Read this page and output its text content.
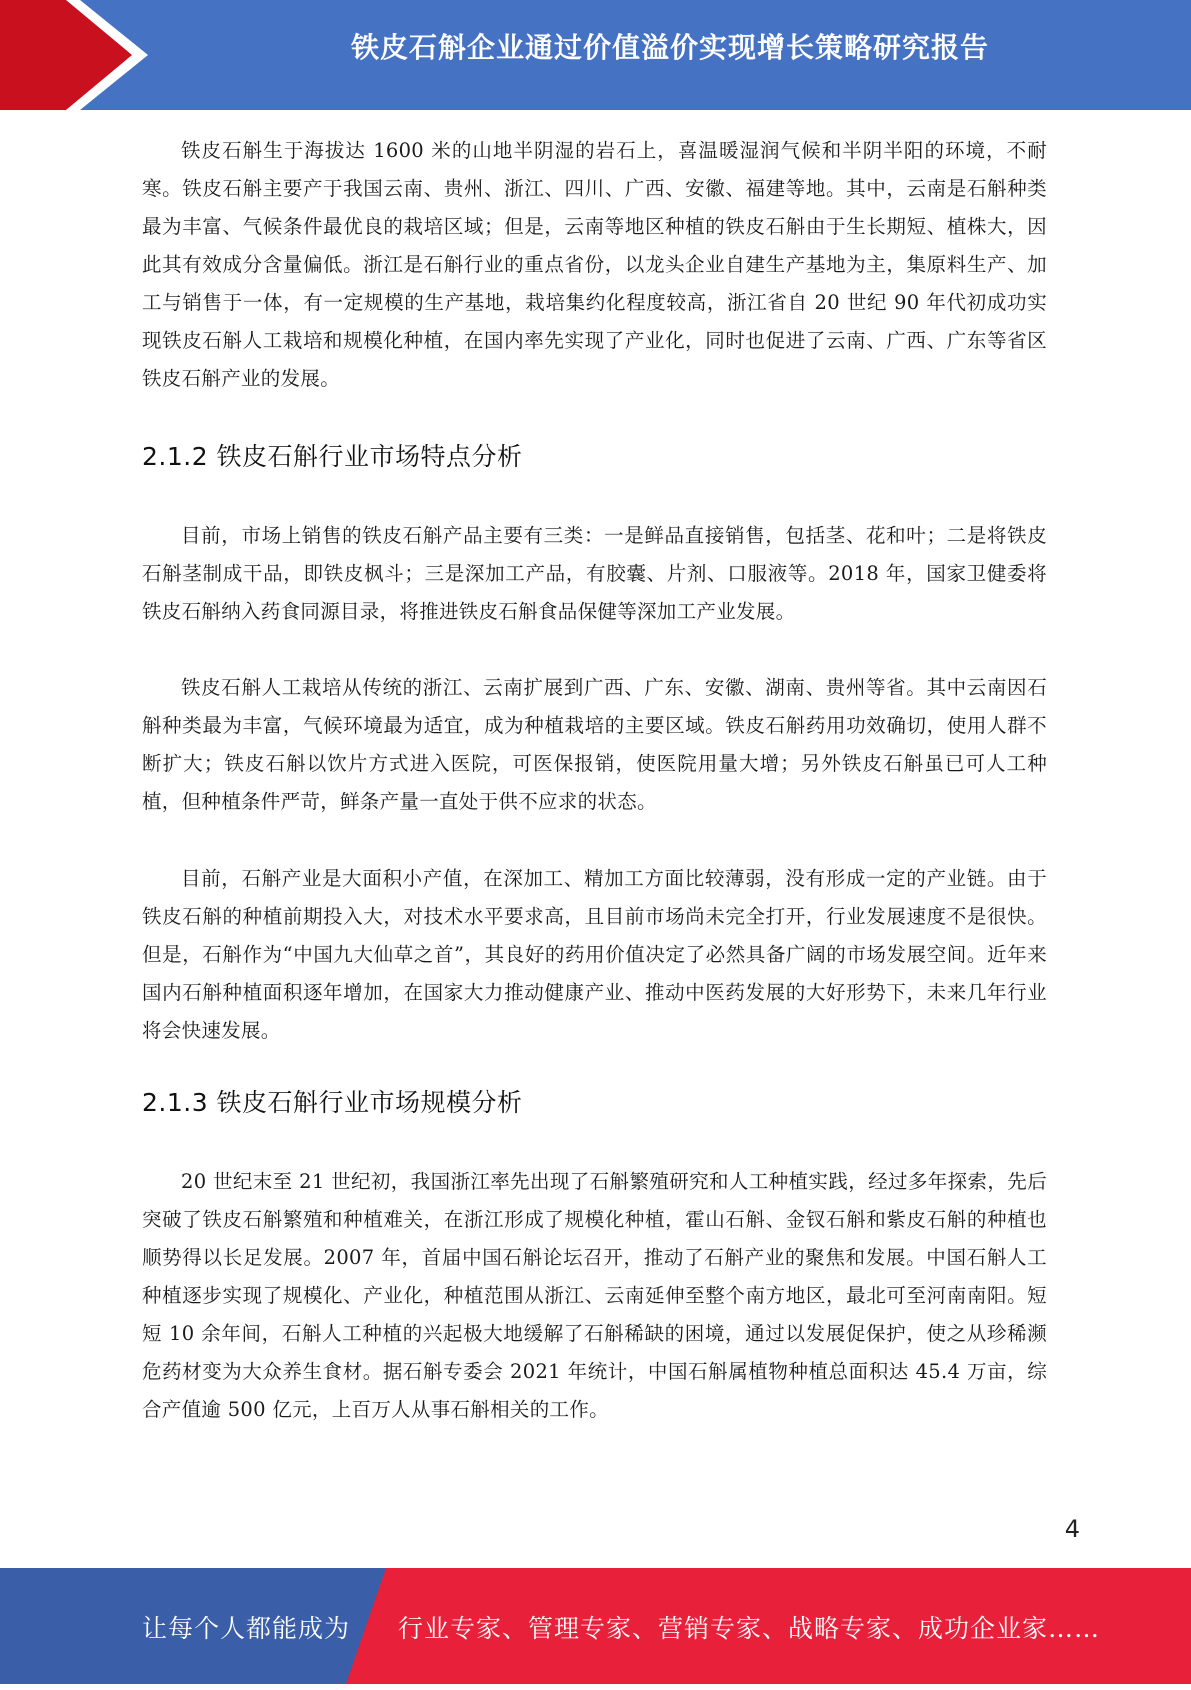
铁皮石斛企业通过价值溢价实现增长策略研究报告

铁皮石斛生于海拔达 1600 米的山地半阴湿的岩石上，喜温暖湿润气候和半阴半阳的环境，不耐寒。铁皮石斛主要产于我国云南、贵州、浙江、四川、广西、安徽、福建等地。其中，云南是石斛种类最为丰富、气候条件最优良的栽培区域；但是，云南等地区种植的铁皮石斛由于生长期短、植株大，因此其有效成分含量偏低。浙江是石斛行业的重点省份，以龙头企业自建生产基地为主，集原料生产、加工与销售于一体，有一定规模的生产基地，栽培集约化程度较高，浙江省自 20 世纪 90 年代初成功实现铁皮石斛人工栽培和规模化种植，在国内率先实现了产业化，同时也促进了云南、广西、广东等省区铁皮石斛产业的发展。

2.1.2 铁皮石斛行业市场特点分析

目前，市场上销售的铁皮石斛产品主要有三类：一是鲜品直接销售，包括茎、花和叶；二是将铁皮石斛茎制成干品，即铁皮枫斗；三是深加工产品，有胶囊、片剂、口服液等。2018 年，国家卫健委将铁皮石斛纳入药食同源目录，将推进铁皮石斛食品保健等深加工产业发展。

铁皮石斛人工栽培从传统的浙江、云南扩展到广西、广东、安徽、湖南、贵州等省。其中云南因石斛种类最为丰富，气候环境最为适宜，成为种植栽培的主要区域。铁皮石斛药用功效确切，使用人群不断扩大；铁皮石斛以饮片方式进入医院，可医保报销，使医院用量大增；另外铁皮石斛虽已可人工种植，但种植条件严苛，鲜条产量一直处于供不应求的状态。

目前，石斛产业是大面积小产值，在深加工、精加工方面比较薄弱，没有形成一定的产业链。由于铁皮石斛的种植前期投入大，对技术水平要求高，且目前市场尚未完全打开，行业发展速度不是很快。但是，石斛作为“中国九大仙草之首”，其良好的药用价值决定了必然具备广阔的市场发展空间。近年来国内石斛种植面积逐年增加，在国家大力推动健康产业、推动中医药发展的大好形势下，未来几年行业将会快速发展。

2.1.3 铁皮石斛行业市场规模分析

20 世纪末至 21 世纪初，我国浙江率先出现了石斛繁殖研究和人工种植实践，经过多年探索，先后突破了铁皮石斛繁殖和种植难关，在浙江形成了规模化种植，霍山石斛、金钗石斛和紫皮石斛的种植也顺势得以长足发展。2007 年，首届中国石斛论坛召开，推动了石斛产业的聚焦和发展。中国石斛人工种植逐步实现了规模化、产业化，种植范围从浙江、云南延伸至整个南方地区，最北可至河南南阳。短短 10 余年间，石斛人工种植的兴起极大地缓解了石斛稀缺的困境，通过以发展促保护，使之从珍稀濒危药材变为大众养生食材。据石斛专委会 2021 年统计，中国石斛属植物种植总面积达 45.4 万亩，综合产值逾 500 亿元，上百万人从事石斛相关的工作。

4
让每个人都能成为 行业专家、管理专家、营销专家、战略专家、成功企业家……
